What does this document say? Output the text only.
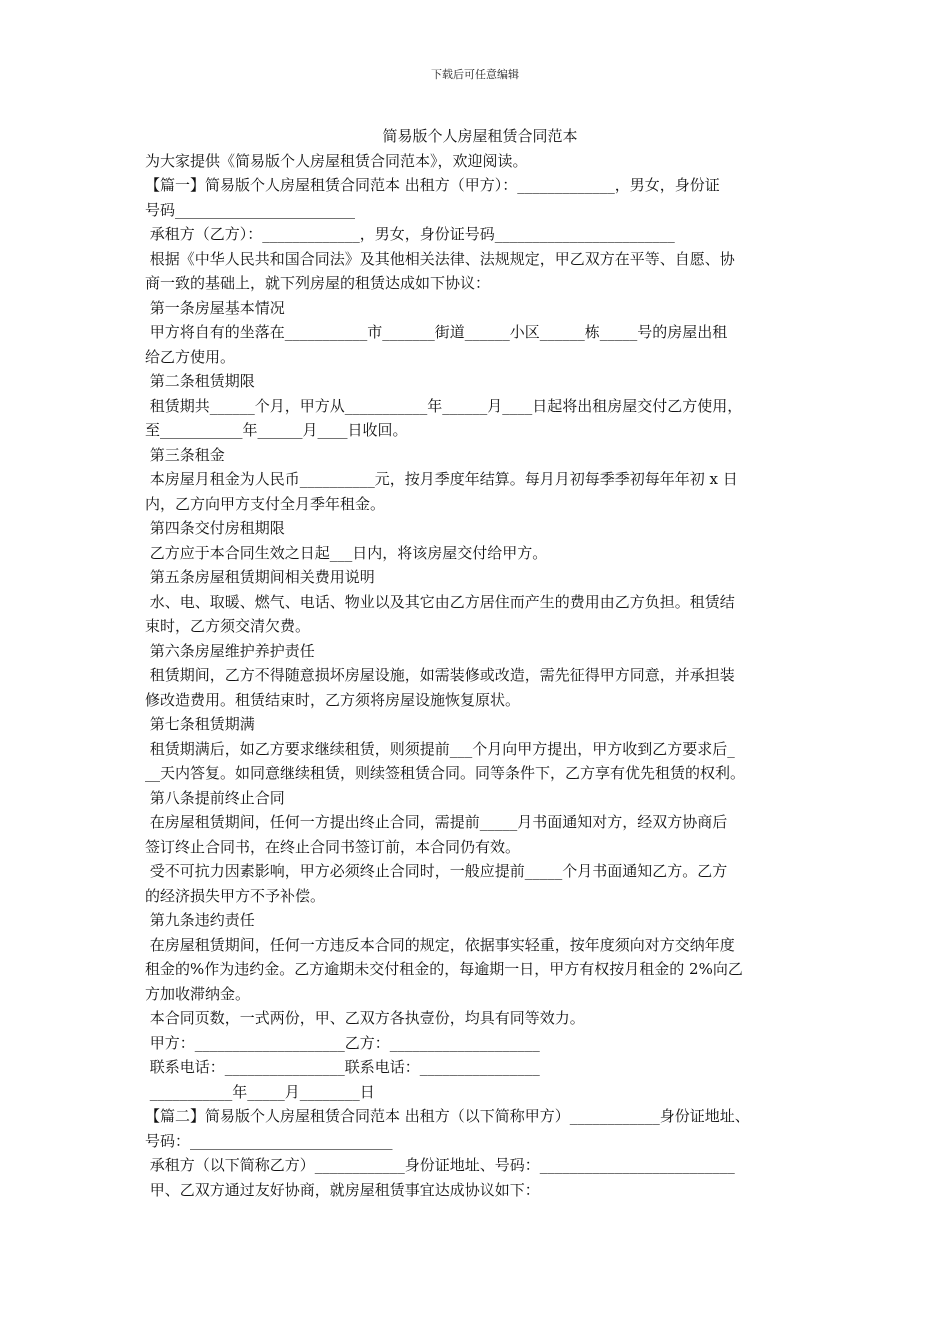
下载后可任意编辑
简易版个人房屋租赁合同范本
为大家提供《简易版个人房屋租赁合同范本》，欢迎阅读。
【篇一】简易版个人房屋租赁合同范本 出租方（甲方）：_____________，男女，身份证
号码________________________
承租方（乙方）：_____________，男女，身份证号码________________________
根据《中华人民共和国合同法》及其他相关法律、法规规定，甲乙双方在平等、自愿、协
商一致的基础上，就下列房屋的租赁达成如下协议：
第一条房屋基本情况
甲方将自有的坐落在___________市_______街道______小区______栋_____号的房屋出租
给乙方使用。
第二条租赁期限
租赁期共______个月，甲方从___________年______月____日起将出租房屋交付乙方使用，
至___________年______月____日收回。
第三条租金
本房屋月租金为人民币__________元，按月季度年结算。每月月初每季季初每年年初 x 日
内，乙方向甲方支付全月季年租金。
第四条交付房租期限
乙方应于本合同生效之日起___日内，将该房屋交付给甲方。
第五条房屋租赁期间相关费用说明
水、电、取暖、燃气、电话、物业以及其它由乙方居住而产生的费用由乙方负担。租赁结
束时，乙方须交清欠费。
第六条房屋维护养护责任
租赁期间，乙方不得随意损坏房屋设施，如需装修或改造，需先征得甲方同意，并承担装
修改造费用。租赁结束时，乙方须将房屋设施恢复原状。
第七条租赁期满
租赁期满后，如乙方要求继续租赁，则须提前___个月向甲方提出，甲方收到乙方要求后_
__天内答复。如同意继续租赁，则续签租赁合同。同等条件下，乙方享有优先租赁的权利。
第八条提前终止合同
在房屋租赁期间，任何一方提出终止合同，需提前_____月书面通知对方，经双方协商后
签订终止合同书，在终止合同书签订前，本合同仍有效。
受不可抗力因素影响，甲方必须终止合同时，一般应提前_____个月书面通知乙方。乙方
的经济损失甲方不予补偿。
第九条违约责任
在房屋租赁期间，任何一方违反本合同的规定，依据事实轻重，按年度须向对方交纳年度
租金的%作为违约金。乙方逾期未交付租金的，每逾期一日，甲方有权按月租金的 2%向乙
方加收滞纳金。
本合同页数，一式两份，甲、乙双方各执壹份，均具有同等效力。
甲方：____________________乙方：____________________
联系电话：________________联系电话：________________
___________年_____月________日
【篇二】简易版个人房屋租赁合同范本 出租方（以下简称甲方）____________身份证地址、
号码：___________________________
承租方（以下简称乙方）____________身份证地址、号码：__________________________
甲、乙双方通过友好协商，就房屋租赁事宜达成协议如下：
